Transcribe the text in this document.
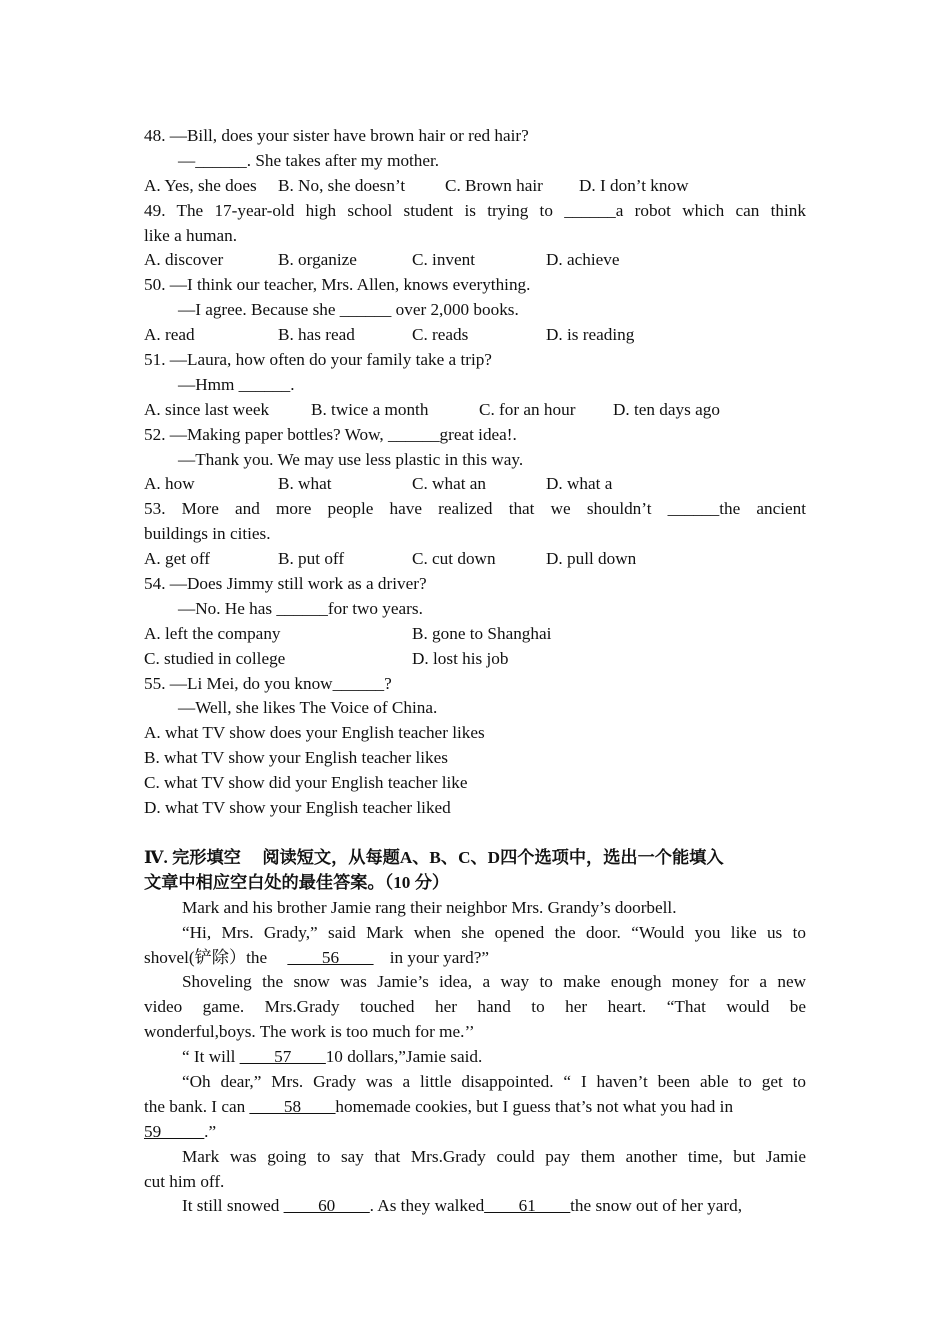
48. —Bill, does your sister have brown hair or red hair?
—______. She takes after my mother.
A. Yes, she does	B. No, she doesn’t	C. Brown hair	D. I don’t know
49. The 17-year-old high school student is trying to ______a robot which can think
like a human.
A. discover	B. organize	C. invent	D. achieve
50. —I think our teacher, Mrs. Allen, knows everything.
—I agree. Because she ______ over 2,000 books.
A. read	B. has read	C. reads	D. is reading
51. —Laura, how often do your family take a trip?
—Hmm ______.
A. since last week	B. twice a month	C. for an hour	D. ten days ago
52. —Making paper bottles? Wow, ______great idea!.
—Thank you. We may use less plastic in this way.
A. how	B. what	C. what an	D. what a
53. More and more people have realized that we shouldn’t ______the ancient
buildings in cities.
A. get off	B. put off	C. cut down	D. pull down
54. —Does Jimmy still work as a driver?
—No. He has ______for two years.
A. left the company	B. gone to Shanghai
C. studied in college	D. lost his job
55. —Li Mei, do you know______?
—Well, she likes The Voice of China.
A. what TV show does your English teacher likes
B. what TV show your English teacher likes
C. what TV show did your English teacher like
D. what TV show your English teacher liked
Ⅳ. 完形填空　 阅读短文，从每题A、B、C、D四个选项中，选出一个能填入
文章中相应空白处的最佳答案。（10 分）
Mark and his brother Jamie rang their neighbor Mrs. Grandy’s doorbell.
“Hi, Mrs. Grady,” said Mark when she opened the door. “Would you like us to
shovel(铲除）the ____56____ in your yard?”
Shoveling the snow was Jamie’s idea, a way to make enough money for a new
video game. Mrs.Grady touched her hand to her heart. “That would be
wonderful,boys. The work is too much for me.’’
“ It will ____57____10 dollars,”Jamie said.
“Oh dear,” Mrs. Grady was a little disappointed. “ I haven’t been able to get to
the bank. I can ____58____homemade cookies, but I guess that’s not what you had in
59_____.”
Mark was going to say that Mrs.Grady could pay them another time, but Jamie
cut him off.
It still snowed ____60____. As they walked____61____the snow out of her yard,
